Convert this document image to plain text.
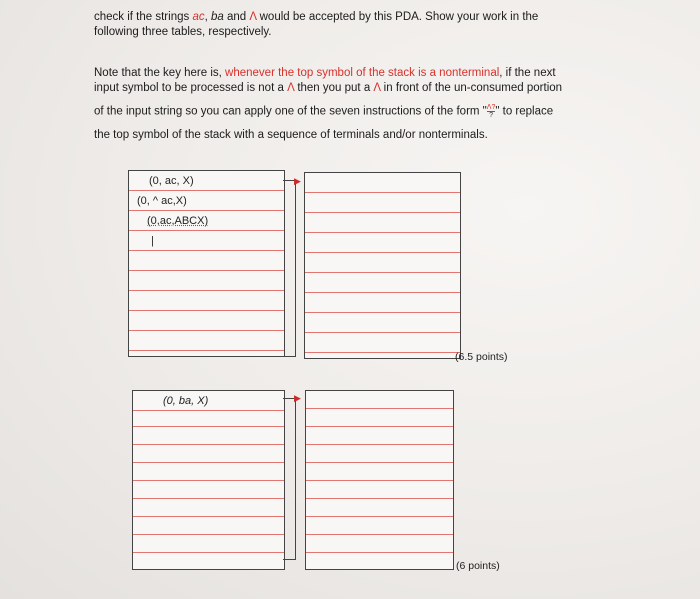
check if the strings ac, ba and Λ would be accepted by this PDA. Show your work in the
following three tables, respectively.

Note that the key here is, whenever the top symbol of the stack is a nonterminal, if the next
input symbol to be processed is not a Λ then you put a Λ in front of the un-consumed portion

of the input string so you can apply one of the seven instructions of the form "$\frac{\Lambda?}{?}$ " to replace

the top symbol of the stack with a sequence of terminals and/or nonterminals.

(0, ac, X)
(0, ^ ac,X)
(0,ac,ABCX)
|
▶
(6.5 points)
(0, ba, X)	▶
(6 points)
